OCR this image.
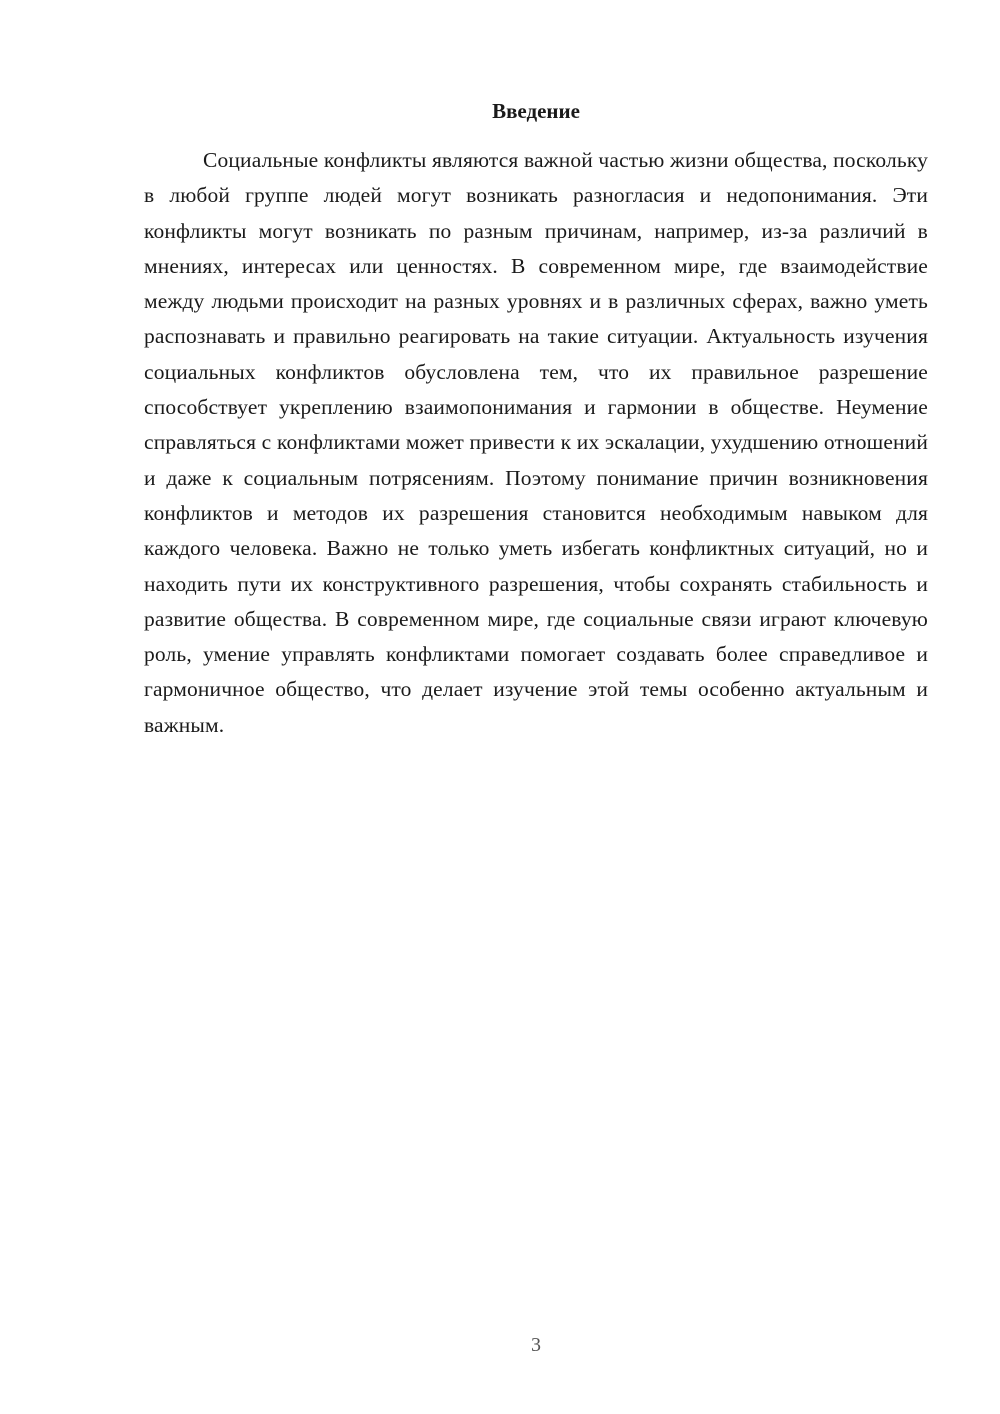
Введение

Социальные конфликты являются важной частью жизни общества, поскольку в любой группе людей могут возникать разногласия и недопонимания. Эти конфликты могут возникать по разным причинам, например, из-за различий в мнениях, интересах или ценностях. В современном мире, где взаимодействие между людьми происходит на разных уровнях и в различных сферах, важно уметь распознавать и правильно реагировать на такие ситуации. Актуальность изучения социальных конфликтов обусловлена тем, что их правильное разрешение способствует укреплению взаимопонимания и гармонии в обществе. Неумение справляться с конфликтами может привести к их эскалации, ухудшению отношений и даже к социальным потрясениям. Поэтому понимание причин возникновения конфликтов и методов их разрешения становится необходимым навыком для каждого человека. Важно не только уметь избегать конфликтных ситуаций, но и находить пути их конструктивного разрешения, чтобы сохранять стабильность и развитие общества. В современном мире, где социальные связи играют ключевую роль, умение управлять конфликтами помогает создавать более справедливое и гармоничное общество, что делает изучение этой темы особенно актуальным и важным.

3
